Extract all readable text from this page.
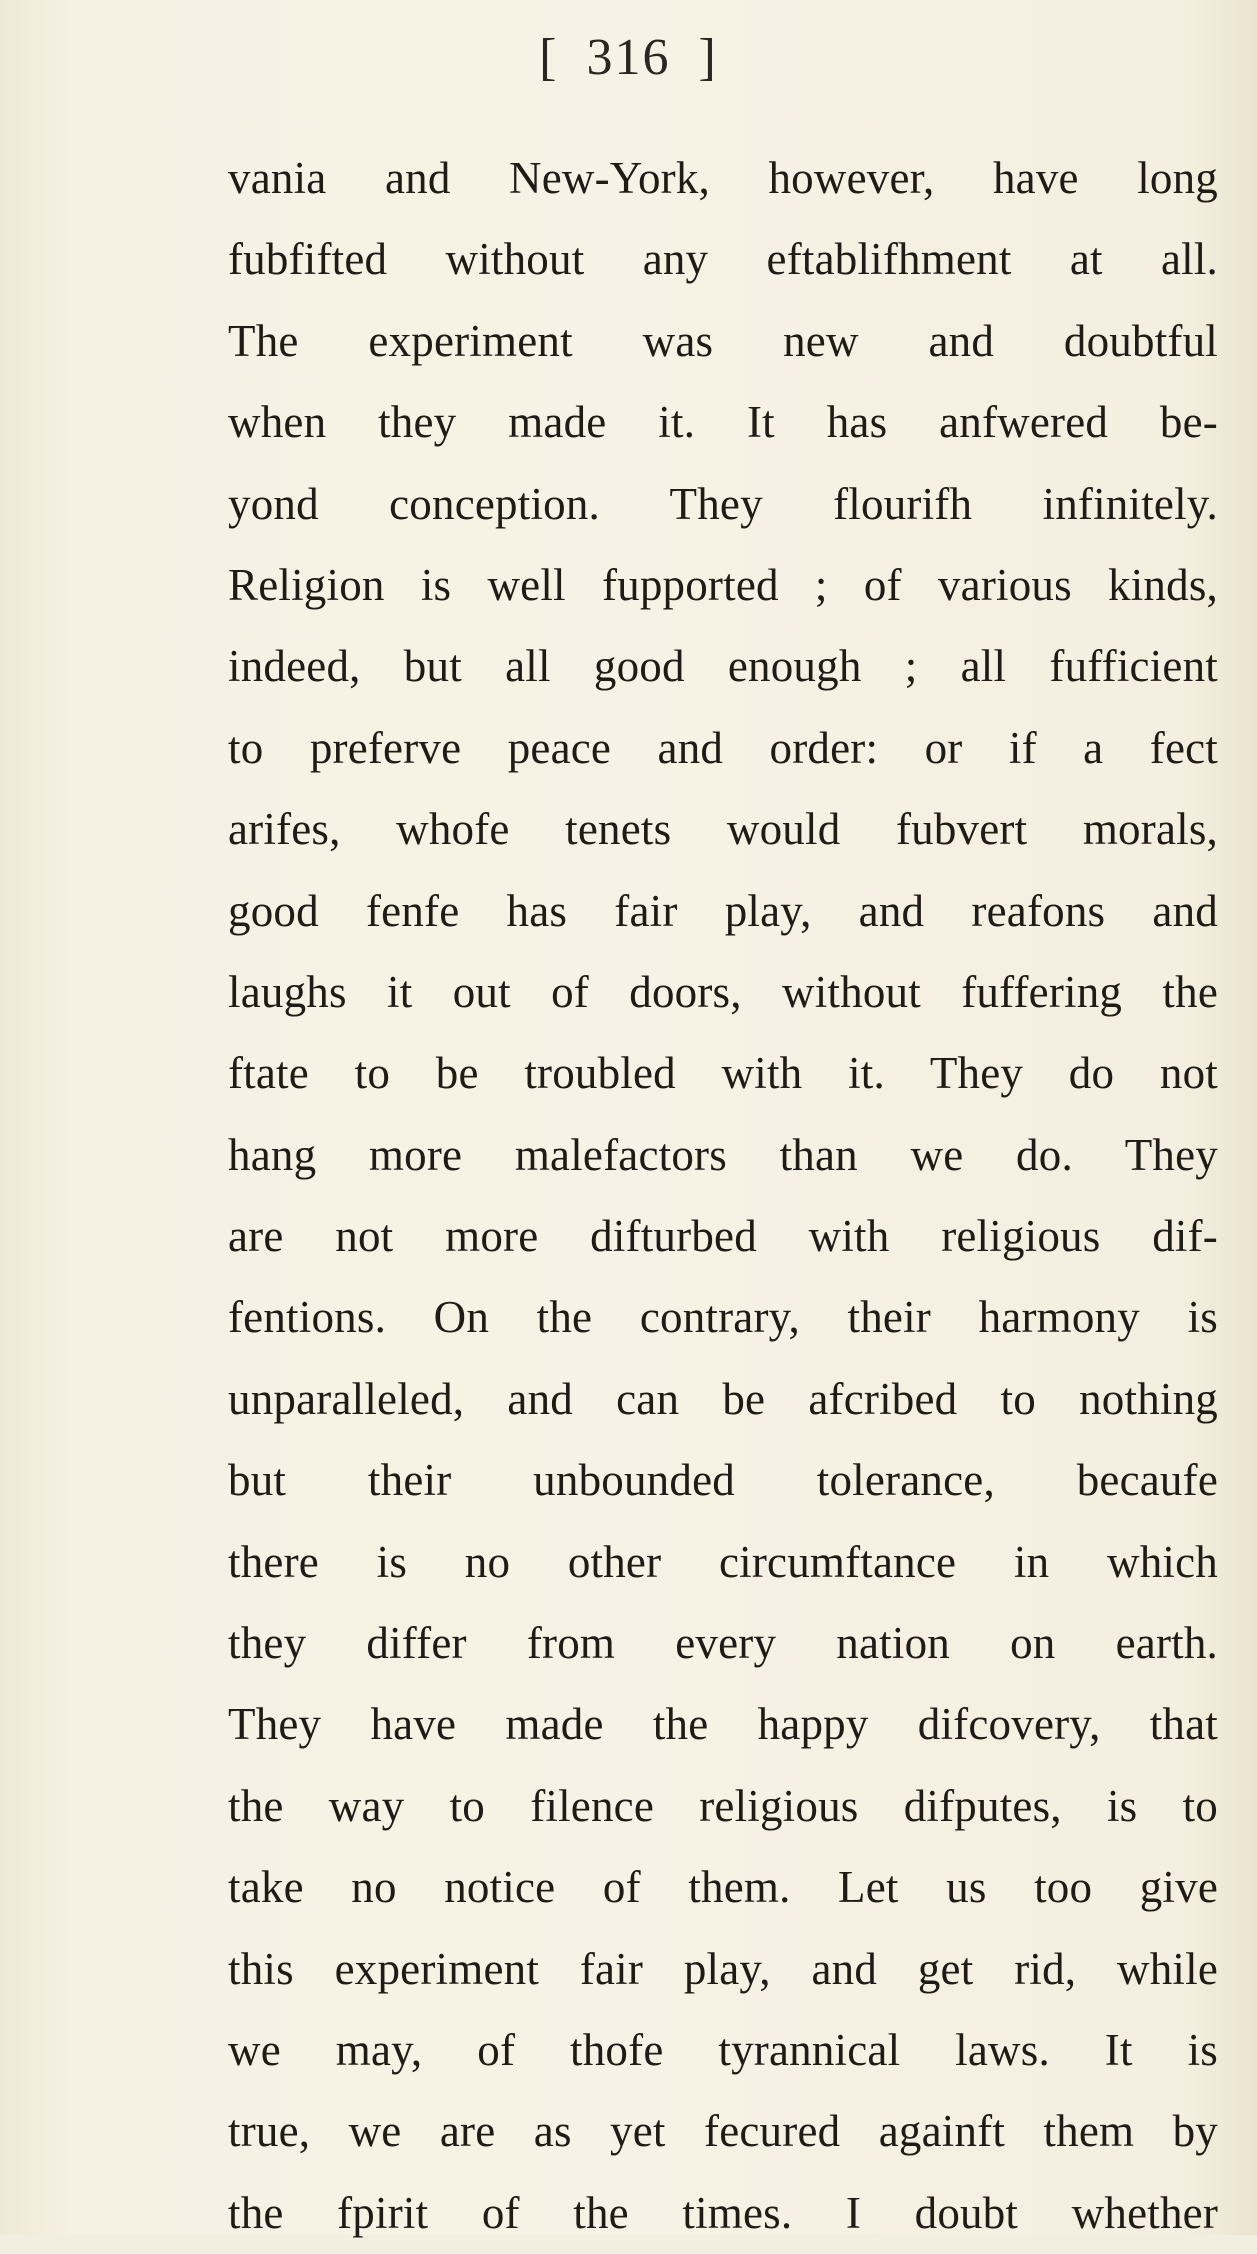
[ 316 ]
vania and New-York, however, have long
fubfifted without any eftablifhment at all.
The experiment was new and doubtful
when they made it. It has anfwered be-
yond conception. They flourifh infinitely.
Religion is well fupported ; of various kinds,
indeed, but all good enough ; all fufficient
to preferve peace and order: or if a fect
arifes, whofe tenets would fubvert morals,
good fenfe has fair play, and reafons and
laughs it out of doors, without fuffering the
ftate to be troubled with it. They do not
hang more malefactors than we do. They
are not more difturbed with religious dif-
fentions. On the contrary, their harmony is
unparalleled, and can be afcribed to nothing
but their unbounded tolerance, becaufe
there is no other circumftance in which
they differ from every nation on earth.
They have made the happy difcovery, that
the way to filence religious difputes, is to
take no notice of them. Let us too give
this experiment fair play, and get rid, while
we may, of thofe tyrannical laws. It is
true, we are as yet fecured againft them by
the fpirit of the times. I doubt whether
